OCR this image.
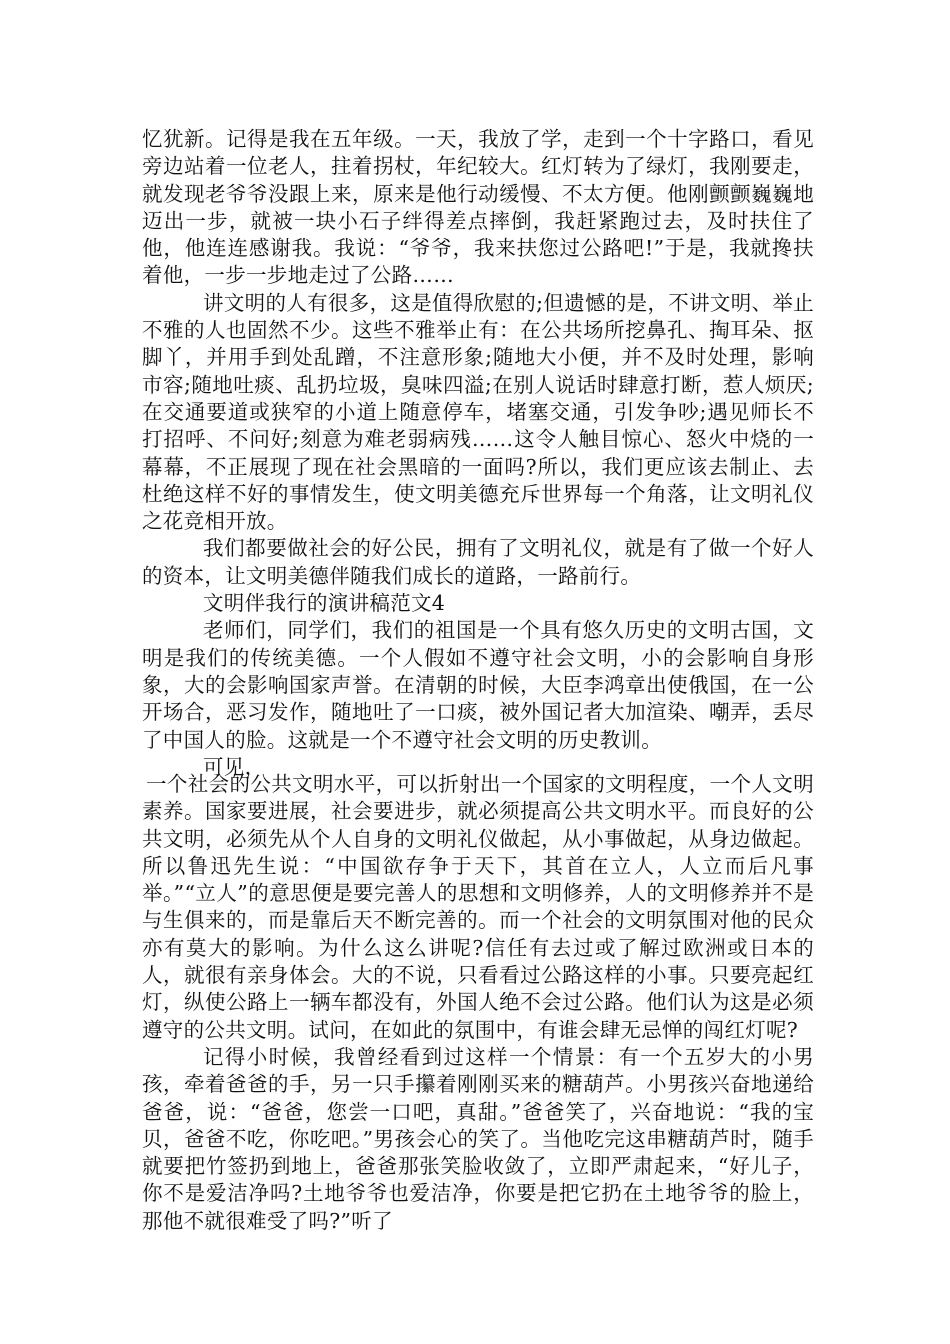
忆犹新。记得是我在五年级。一天，我放了学，走到一个十字路口，看见旁边站着一位老人，拄着拐杖，年纪较大。红灯转为了绿灯，我刚要走，就发现老爷爷没跟上来，原来是他行动缓慢、不太方便。他刚颤颤巍巍地迈出一步，就被一块小石子绊得差点摔倒，我赶紧跑过去，及时扶住了他，他连连感谢我。我说：“爷爷，我来扶您过公路吧!”于是，我就搀扶着他，一步一步地走过了公路……

讲文明的人有很多，这是值得欣慰的;但遗憾的是，不讲文明、举止不雅的人也固然不少。这些不雅举止有：在公共场所挖鼻孔、掏耳朵、抠脚丫，并用手到处乱蹭，不注意形象;随地大小便，并不及时处理，影响市容;随地吐痰、乱扔垃圾，臭味四溢;在别人说话时肆意打断，惹人烦厌;在交通要道或狭窄的小道上随意停车，堵塞交通，引发争吵;遇见师长不打招呼、不问好;刻意为难老弱病残……这令人触目惊心、怒火中烧的一幕幕，不正展现了现在社会黑暗的一面吗?所以，我们更应该去制止、去杜绝这样不好的事情发生，使文明美德充斥世界每一个角落，让文明礼仪之花竞相开放。

我们都要做社会的好公民，拥有了文明礼仪，就是有了做一个好人的资本，让文明美德伴随我们成长的道路，一路前行。

文明伴我行的演讲稿范文4

老师们，同学们，我们的祖国是一个具有悠久历史的文明古国，文明是我们的传统美德。一个人假如不遵守社会文明，小的会影响自身形象，大的会影响国家声誉。在清朝的时候，大臣李鸿章出使俄国，在一公开场合，恶习发作，随地吐了一口痰，被外国记者大加渲染、嘲弄，丢尽了中国人的脸。这就是一个不遵守社会文明的历史教训。

可见，

一个社会的公共文明水平，可以折射出一个国家的文明程度，一个人文明素养。国家要进展，社会要进步，就必须提高公共文明水平。而良好的公共文明，必须先从个人自身的文明礼仪做起，从小事做起，从身边做起。所以鲁迅先生说：“中国欲存争于天下，其首在立人，人立而后凡事举。”“立人”的意思便是要完善人的思想和文明修养，人的文明修养并不是与生俱来的，而是靠后天不断完善的。而一个社会的文明氛围对他的民众亦有莫大的影响。为什么这么讲呢?信任有去过或了解过欧洲或日本的人，就很有亲身体会。大的不说，只看看过公路这样的小事。只要亮起红灯，纵使公路上一辆车都没有，外国人绝不会过公路。他们认为这是必须遵守的公共文明。试问，在如此的氛围中，有谁会肆无忌惮的闯红灯呢?

记得小时候，我曾经看到过这样一个情景：有一个五岁大的小男孩，牵着爸爸的手，另一只手攥着刚刚买来的糖葫芦。小男孩兴奋地递给爸爸，说：“爸爸，您尝一口吧，真甜。”爸爸笑了，兴奋地说：“我的宝贝，爸爸不吃，你吃吧。”男孩会心的笑了。当他吃完这串糖葫芦时，随手就要把竹签扔到地上，爸爸那张笑脸收敛了，立即严肃起来，“好儿子，你不是爱洁净吗?土地爷爷也爱洁净，你要是把它扔在土地爷爷的脸上，那他不就很难受了吗?”听了
